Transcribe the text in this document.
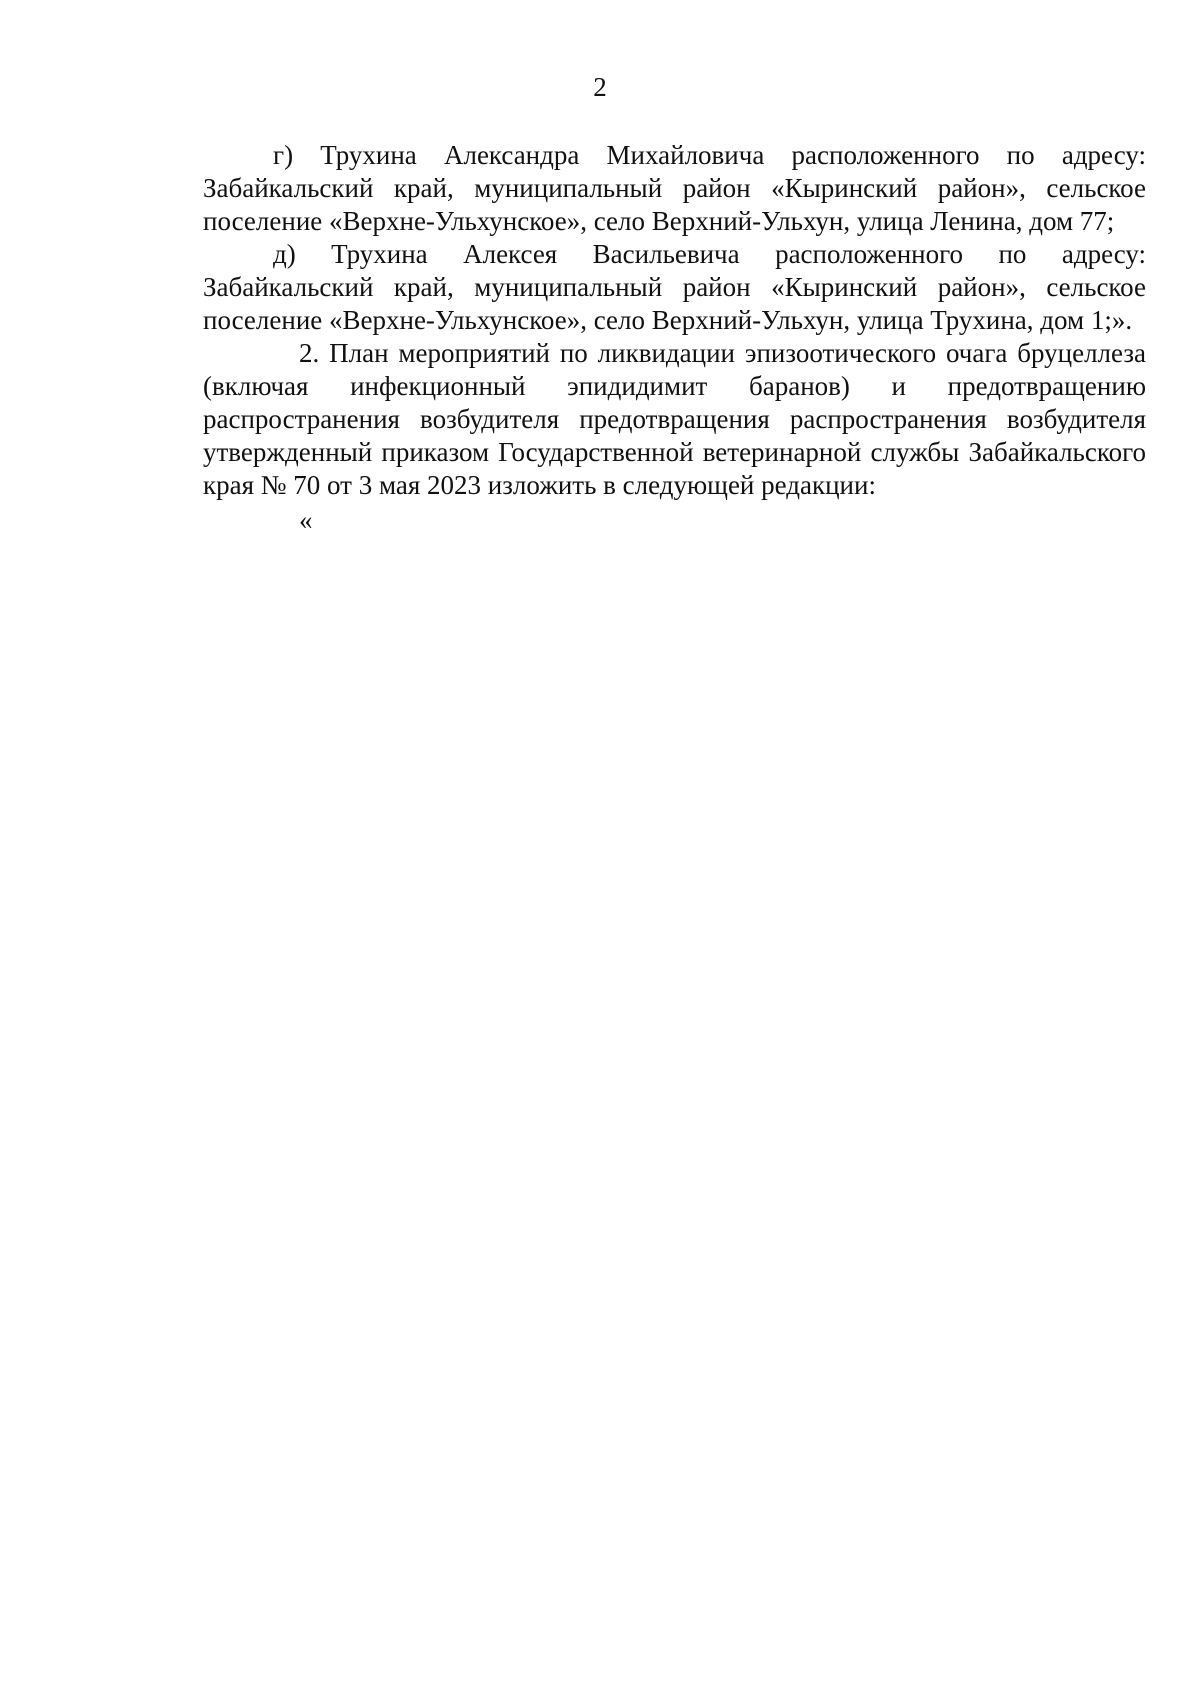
2

г) Трухина Александра Михайловича расположенного по адресу: Забайкальский край, муниципальный район «Кыринский район», сельское поселение «Верхне-Ульхунское», село Верхний-Ульхун, улица Ленина, дом 77;

д) Трухина Алексея Васильевича расположенного по адресу: Забайкальский край, муниципальный район «Кыринский район», сельское поселение «Верхне-Ульхунское», село Верхний-Ульхун, улица Трухина, дом 1;».

2. План мероприятий по ликвидации эпизоотического очага бруцеллеза (включая инфекционный эпидидимит баранов) и предотвращению распространения возбудителя предотвращения распространения возбудителя утвержденный приказом Государственной ветеринарной службы Забайкальского края № 70 от 3 мая 2023 изложить в следующей редакции:

«
